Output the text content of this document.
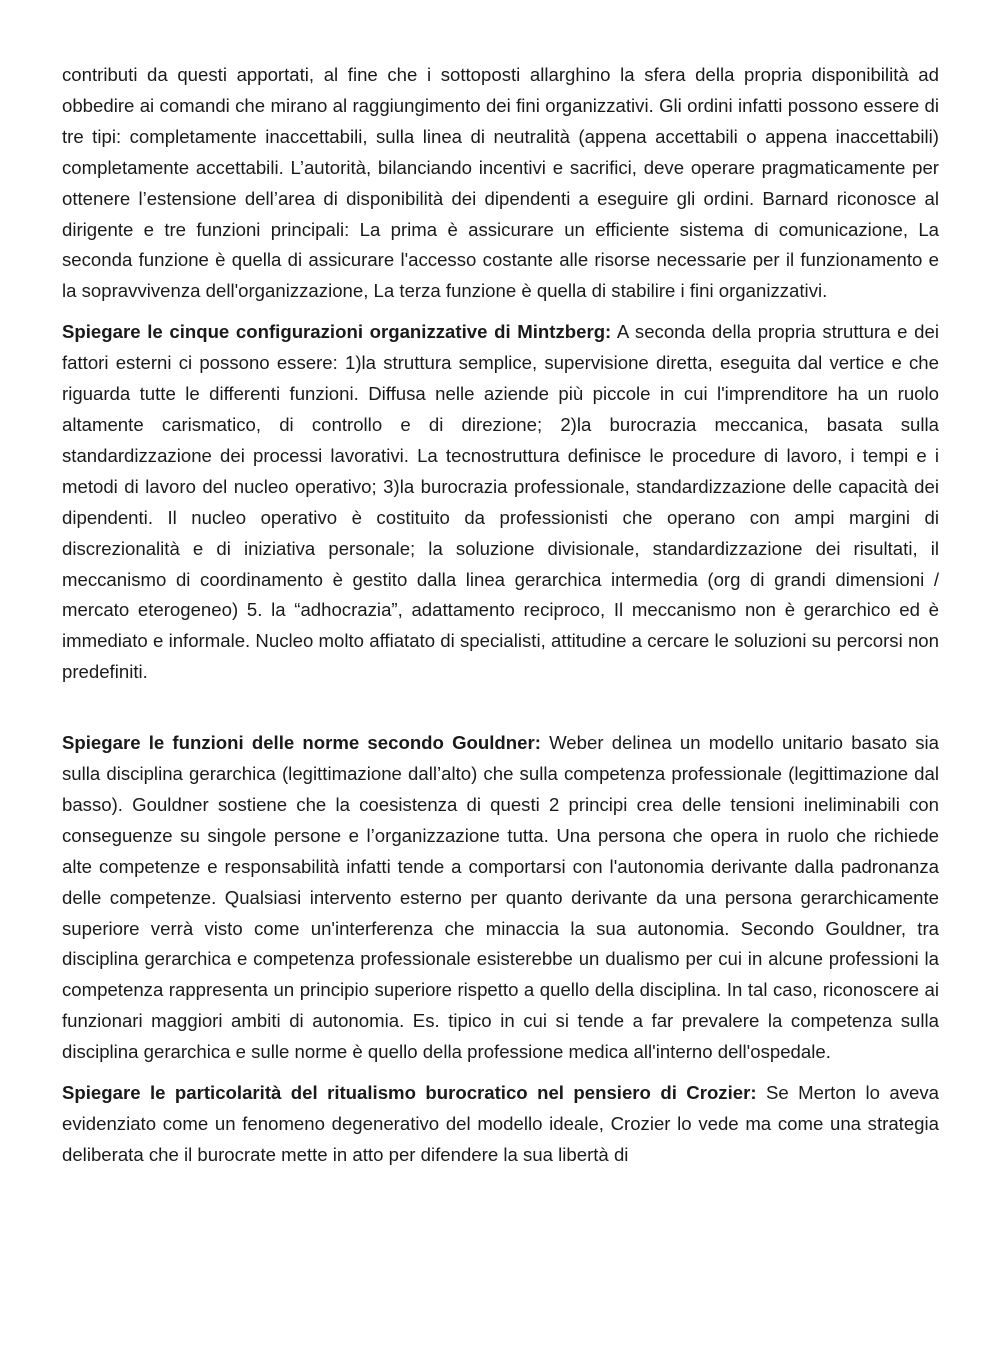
contributi da questi apportati, al fine che i sottoposti allarghino la sfera della propria disponibilità ad obbedire ai comandi che mirano al raggiungimento dei fini organizzativi. Gli ordini infatti possono essere di tre tipi: completamente inaccettabili, sulla linea di neutralità (appena accettabili o appena inaccettabili) completamente accettabili. L’autorità, bilanciando incentivi e sacrifici, deve operare pragmaticamente per ottenere l’estensione dell’area di disponibilità dei dipendenti a eseguire gli ordini. Barnard riconosce al dirigente e tre funzioni principali: La prima è assicurare un efficiente sistema di comunicazione, La seconda funzione è quella di assicurare l'accesso costante alle risorse necessarie per il funzionamento e la sopravvivenza dell'organizzazione, La terza funzione è quella di stabilire i fini organizzativi.

Spiegare le cinque configurazioni organizzative di Mintzberg: A seconda della propria struttura e dei fattori esterni ci possono essere: 1)la struttura semplice, supervisione diretta, eseguita dal vertice e che riguarda tutte le differenti funzioni. Diffusa nelle aziende più piccole in cui l'imprenditore ha un ruolo altamente carismatico, di controllo e di direzione; 2)la burocrazia meccanica, basata sulla standardizzazione dei processi lavorativi. La tecnostruttura definisce le procedure di lavoro, i tempi e i metodi di lavoro del nucleo operativo; 3)la burocrazia professionale, standardizzazione delle capacità dei dipendenti. Il nucleo operativo è costituito da professionisti che operano con ampi margini di discrezionalità e di iniziativa personale; la soluzione divisionale, standardizzazione dei risultati, il meccanismo di coordinamento è gestito dalla linea gerarchica intermedia (org di grandi dimensioni / mercato eterogeneo) 5. la “adhocrazia”, adattamento reciproco, Il meccanismo non è gerarchico ed è immediato e informale. Nucleo molto affiatato di specialisti, attitudine a cercare le soluzioni su percorsi non predefiniti.

Spiegare le funzioni delle norme secondo Gouldner: Weber delinea un modello unitario basato sia sulla disciplina gerarchica (legittimazione dall’alto) che sulla competenza professionale (legittimazione dal basso). Gouldner sostiene che la coesistenza di questi 2 principi crea delle tensioni ineliminabili con conseguenze su singole persone e l’organizzazione tutta. Una persona che opera in ruolo che richiede alte competenze e responsabilità infatti tende a comportarsi con l'autonomia derivante dalla padronanza delle competenze. Qualsiasi intervento esterno per quanto derivante da una persona gerarchicamente superiore verrà visto come un'interferenza che minaccia la sua autonomia. Secondo Gouldner, tra disciplina gerarchica e competenza professionale esisterebbe un dualismo per cui in alcune professioni la competenza rappresenta un principio superiore rispetto a quello della disciplina. In tal caso, riconoscere ai funzionari maggiori ambiti di autonomia. Es. tipico in cui si tende a far prevalere la competenza sulla disciplina gerarchica e sulle norme è quello della professione medica all'interno dell'ospedale.

Spiegare le particolarità del ritualismo burocratico nel pensiero di Crozier: Se Merton lo aveva evidenziato come un fenomeno degenerativo del modello ideale, Crozier lo vede ma come una strategia deliberata che il burocrate mette in atto per difendere la sua libertà di
